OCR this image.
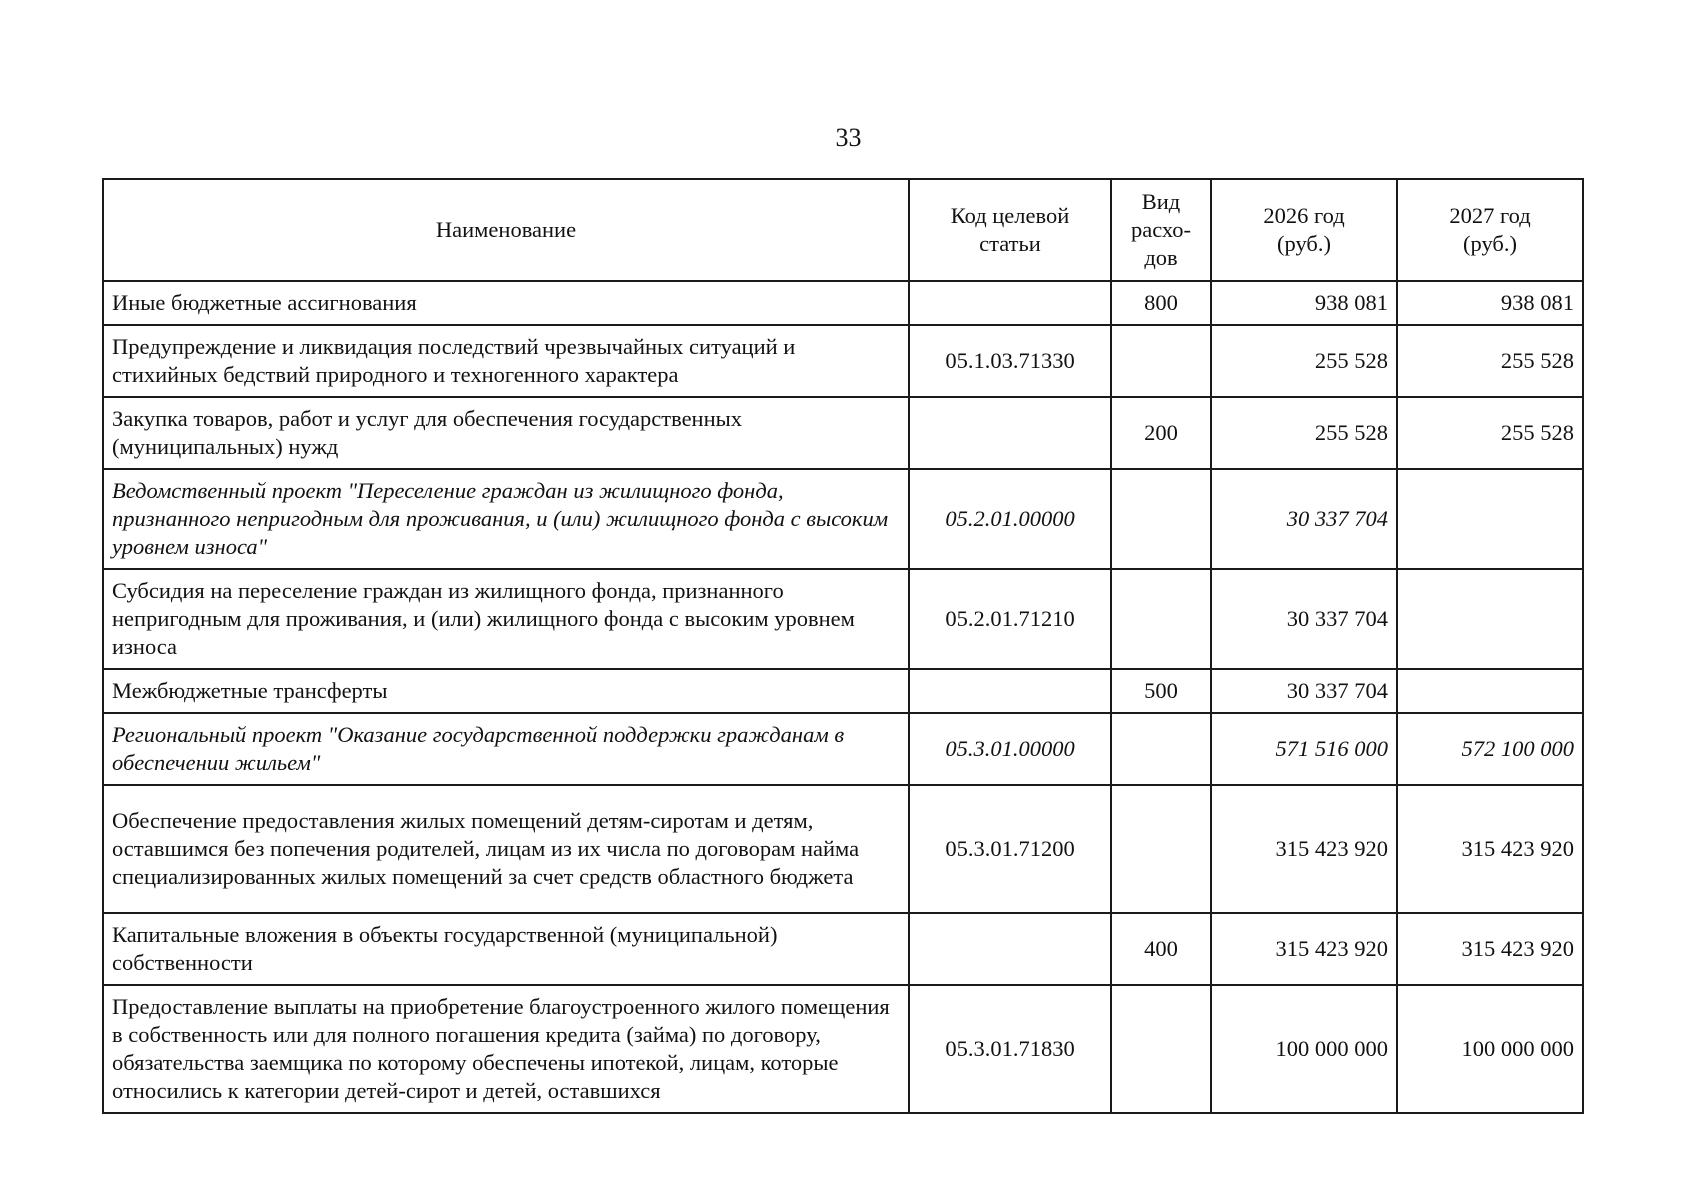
33
Наименование	Код целевой статьи	Вид расхо-дов	2026 год (руб.)	2027 год (руб.)

Иные бюджетные ассигнования		800	938 081	938 081
Предупреждение и ликвидация последствий чрезвычайных ситуаций и стихийных бедствий природного и техногенного характера	05.1.03.71330		255 528	255 528
Закупка товаров, работ и услуг для обеспечения государственных (муниципальных) нужд		200	255 528	255 528
Ведомственный проект "Переселение граждан из жилищного фонда, признанного непригодным для проживания, и (или) жилищного фонда с высоким уровнем износа"	05.2.01.00000		30 337 704	
Субсидия на переселение граждан из жилищного фонда, признанного непригодным для проживания, и (или) жилищного фонда с высоким уровнем износа	05.2.01.71210		30 337 704	
Межбюджетные трансферты		500	30 337 704	
Региональный проект "Оказание государственной поддержки гражданам в обеспечении жильем"	05.3.01.00000		571 516 000	572 100 000
Обеспечение предоставления жилых помещений детям-сиротам и детям, оставшимся без попечения родителей, лицам из их числа по договорам найма специализированных жилых помещений за счет средств областного бюджета	05.3.01.71200		315 423 920	315 423 920
Капитальные вложения в объекты государственной (муниципальной) собственности		400	315 423 920	315 423 920
Предоставление выплаты на приобретение благоустроенного жилого помещения в собственность или для полного погашения кредита (займа) по договору, обязательства заемщика по которому обеспечены ипотекой, лицам, которые относились к категории детей-сирот и детей, оставшихся	05.3.01.71830		100 000 000	100 000 000
